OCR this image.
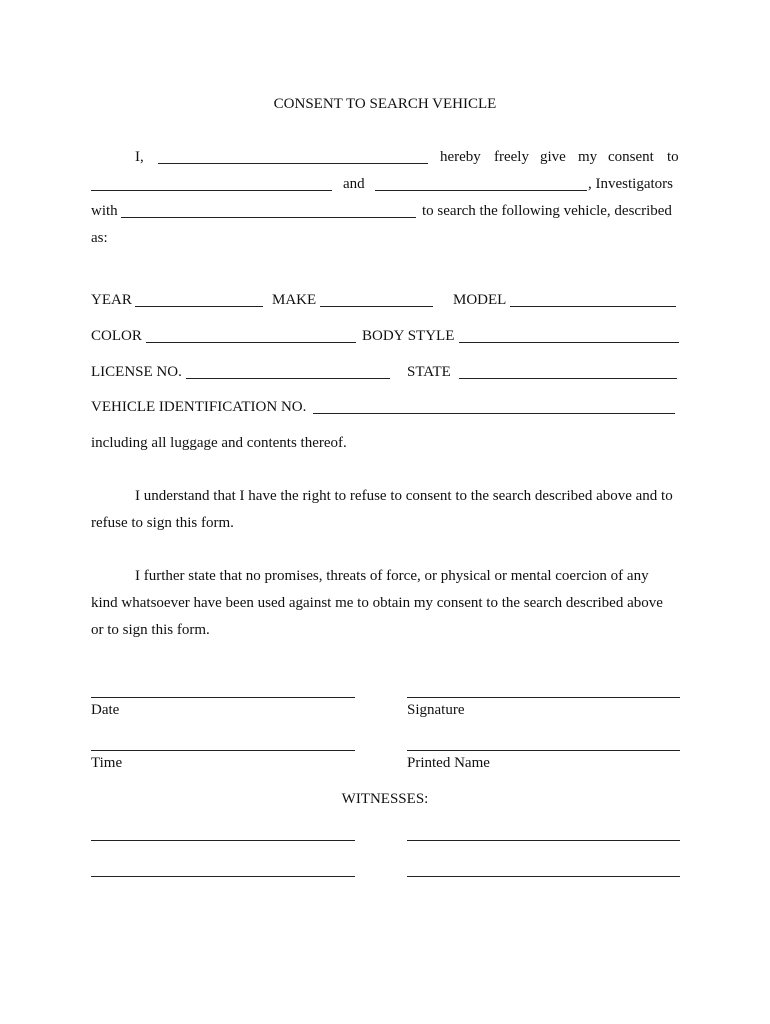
CONSENT TO SEARCH VEHICLE
I,	hereby freely give my consent to
and	, Investigators
with	to search the following vehicle, described
as:
YEAR	MAKE	MODEL
COLOR	BODY STYLE
LICENSE NO.	STATE
VEHICLE IDENTIFICATION NO.
including all luggage and contents thereof.
I understand that I have the right to refuse to consent to the search described above and to
refuse to sign this form.
I further state that no promises, threats of force, or physical or mental coercion of any
kind whatsoever have been used against me to obtain my consent to the search described above
or to sign this form.
Date	Signature
Time	Printed Name
WITNESSES:
